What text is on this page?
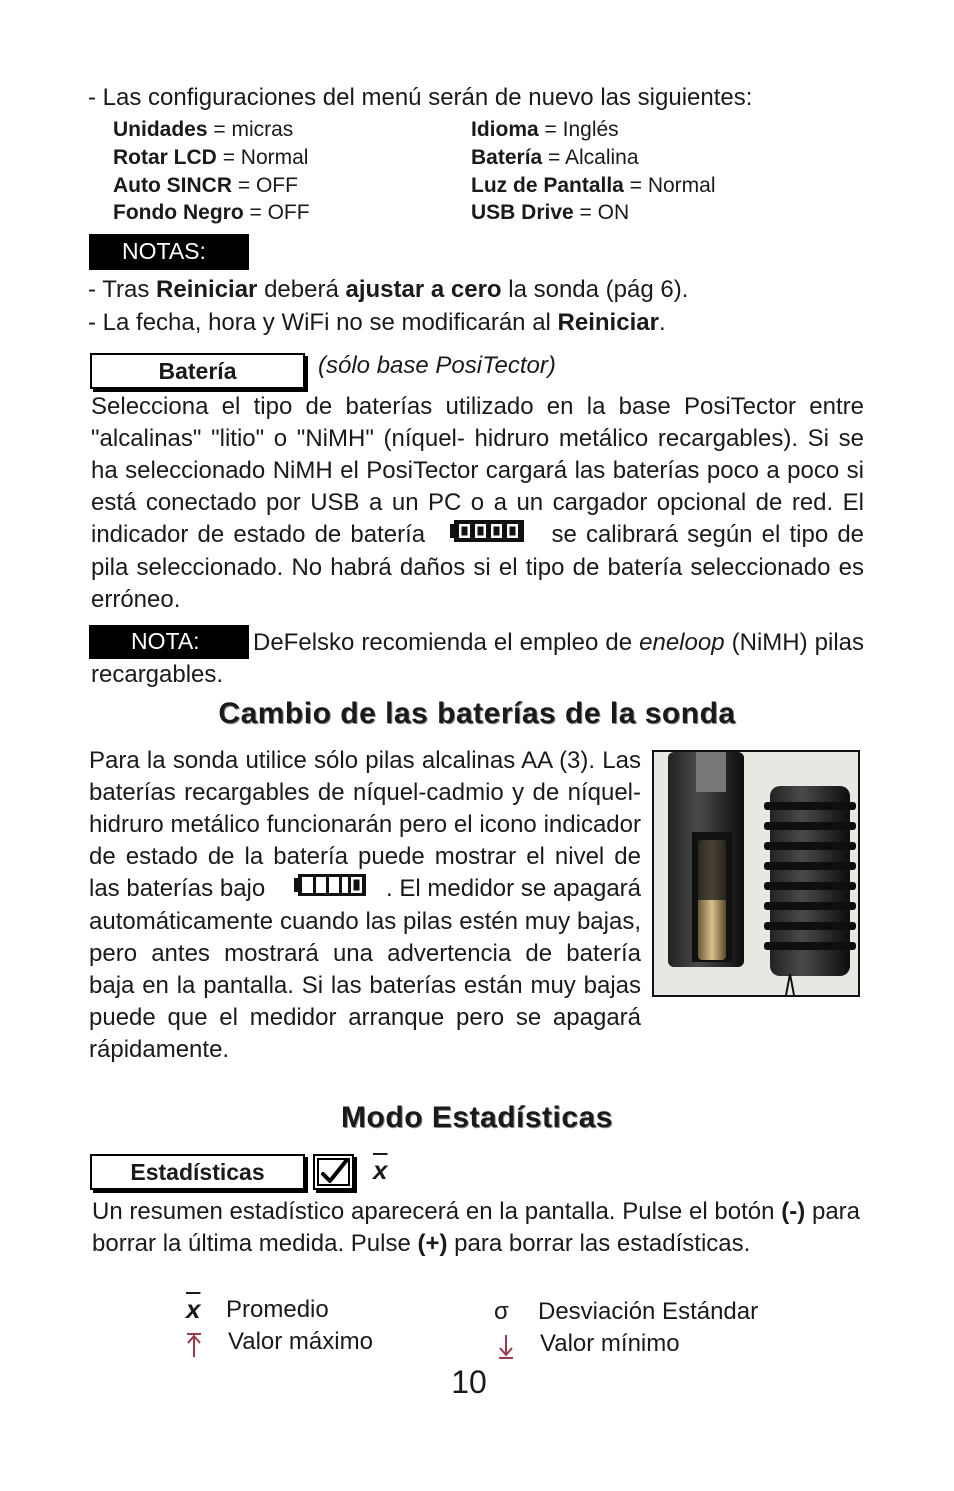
- Las configuraciones del menú serán de nuevo las siguientes:
Unidades = micras	Idioma = Inglés
Rotar LCD = Normal	Batería = Alcalina
Auto SINCR = OFF	Luz de Pantalla = Normal
Fondo Negro = OFF	USB Drive = ON
NOTAS:
- Tras Reiniciar deberá ajustar a cero la sonda (pág 6).
- La fecha, hora y WiFi no se modificarán al Reiniciar.
Batería	(sólo base PosiTector)
Selecciona el tipo de baterías utilizado en la base PosiTector entre "alcalinas" "litio" o "NiMH" (níquel- hidruro metálico recargables). Si se ha seleccionado NiMH el PosiTector cargará las baterías poco a poco si está conectado por USB a un PC o a un cargador opcional de red. El indicador de estado de batería	se calibrará según el tipo de pila seleccionado. No habrá daños si el tipo de batería seleccionado es erróneo.
NOTA:	DeFelsko recomienda el empleo de eneloop (NiMH) pilas recargables.
Cambio de las baterías de la sonda
Para la sonda utilice sólo pilas alcalinas AA (3). Las baterías recargables de níquel-cadmio y de níquel- hidruro metálico funcionarán pero el icono indicador de estado de la batería puede mostrar el nivel de las baterías bajo	. El medidor se apagará automáticamente cuando las pilas estén muy bajas, pero antes mostrará una advertencia de batería baja en la pantalla. Si las baterías están muy bajas puede que el medidor arranque pero se apagará rápidamente.
Modo Estadísticas
Estadísticas	$\overline{x}$
Un resumen estadístico aparecerá en la pantalla. Pulse el botón (-) para borrar la última medida. Pulse (+) para borrar las estadísticas.
$\overline{x}$ Promedio	σ Desviación Estándar
Valor máximo	Valor mínimo
10
